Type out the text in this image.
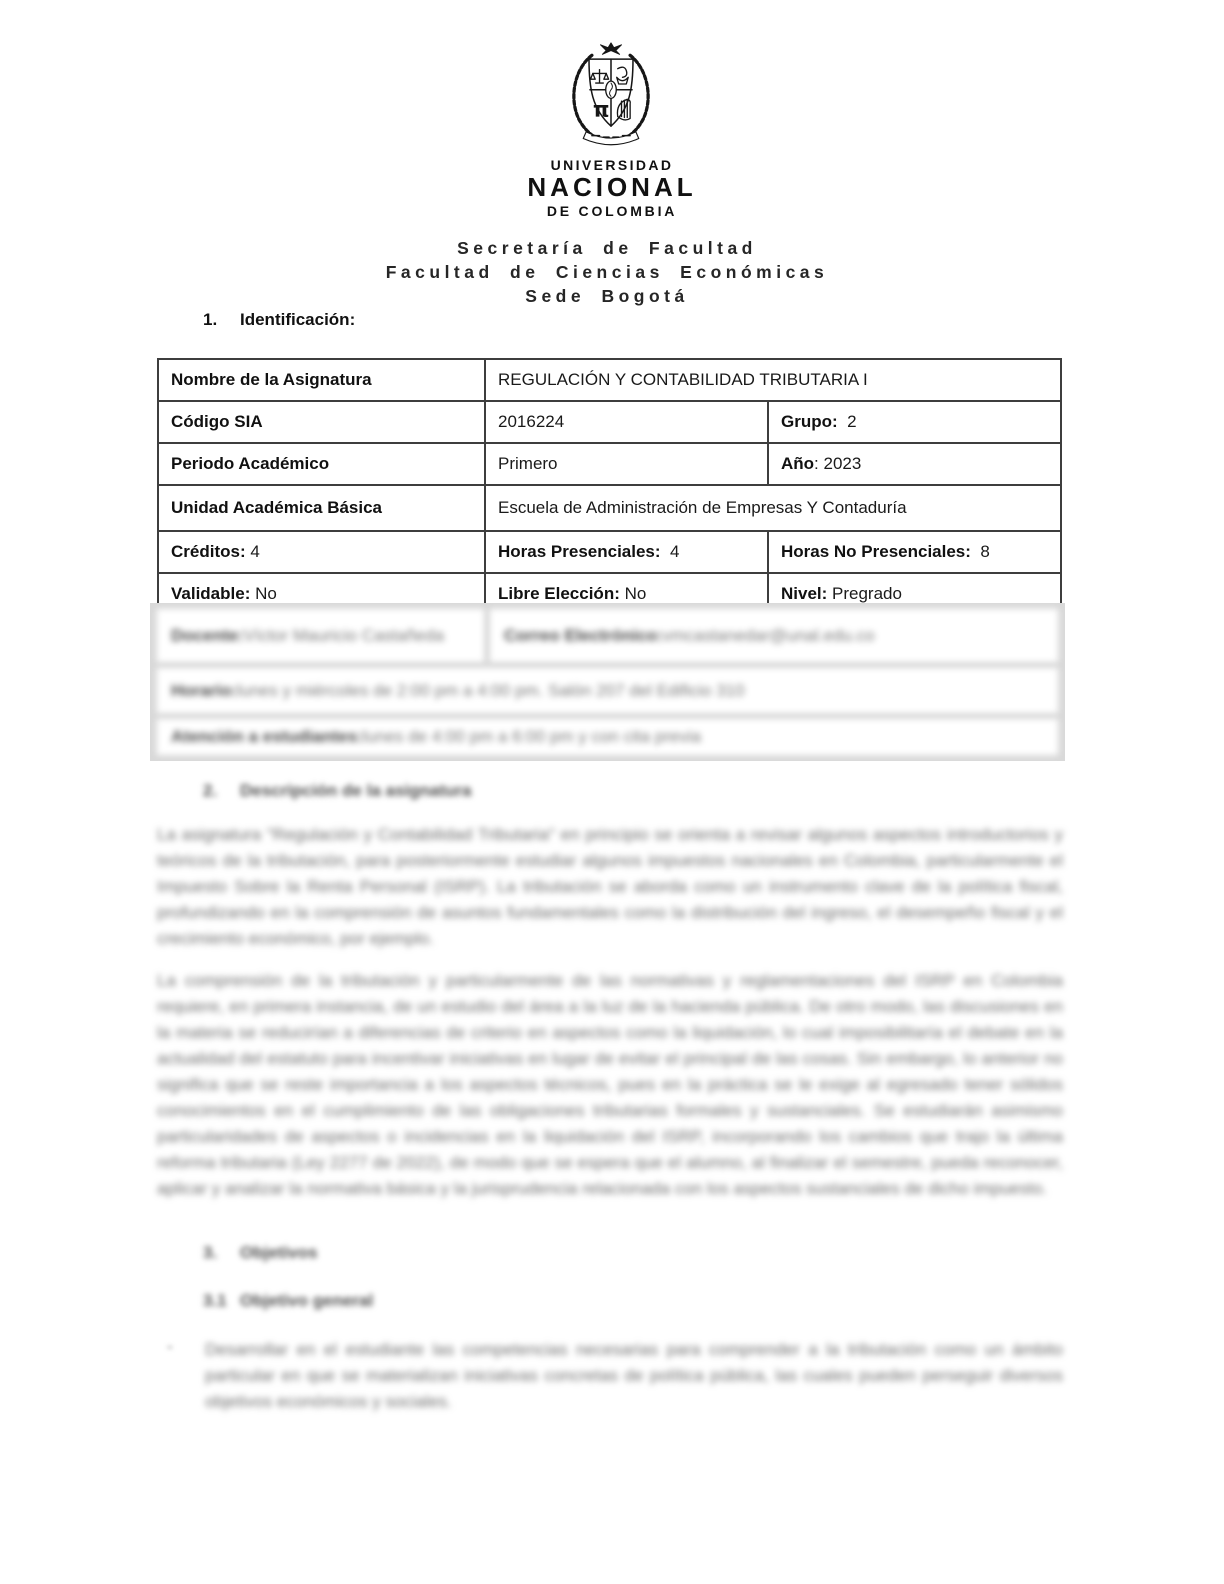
π
UNIVERSIDAD
NACIONAL
DE COLOMBIA
Secretaría de Facultad
Facultad de Ciencias Económicas
Sede Bogotá
1.	Identificación:
Nombre de la Asignatura	REGULACIÓN Y CONTABILIDAD TRIBUTARIA I	
Código SIA	2016224	Grupo:  2
Periodo Académico	Primero	Año: 2023
Unidad Académica Básica	Escuela de Administración de Empresas Y Contaduría	
Créditos: 4	Horas Presenciales:  4	Horas No Presenciales:  8
Validable: No	Libre Elección: No	Nivel: Pregrado
Docente: Víctor Mauricio Castañeda	Correo Electrónico: vmcastanedar@unal.edu.co
Horario: lunes y miércoles de 2:00 pm a 4:00 pm. Salón 207 del Edificio 310
Atención a estudiantes: lunes de 4:00 pm a 6:00 pm y con cita previa
2.	Descripción de la asignatura
La asignatura "Regulación y Contabilidad Tributaria" en principio se orienta a revisar algunos aspectos introductorios y teóricos de la tributación, para posteriormente estudiar algunos impuestos nacionales en Colombia, particularmente el Impuesto Sobre la Renta Personal (ISRP). La tributación se aborda como un instrumento clave de la política fiscal, profundizando en la comprensión de asuntos fundamentales como la distribución del ingreso, el desempeño fiscal y el crecimiento económico, por ejemplo.
La comprensión de la tributación y particularmente de las normativas y reglamentaciones del ISRP en Colombia requiere, en primera instancia, de un estudio del área a la luz de la hacienda pública. De otro modo, las discusiones en la materia se reducirían a diferencias de criterio en aspectos como la liquidación, lo cual imposibilitaría el debate en la actualidad del estatuto para incentivar iniciativas en lugar de evitar el principal de las cosas. Sin embargo, lo anterior no significa que se reste importancia a los aspectos técnicos, pues en la práctica se le exige al egresado tener sólidos conocimientos en el cumplimiento de las obligaciones tributarias formales y sustanciales. Se estudiarán asimismo particularidades de aspectos o incidencias en la liquidación del ISRP, incorporando los cambios que trajo la última reforma tributaria (Ley 2277 de 2022), de modo que se espera que el alumno, al finalizar el semestre, pueda reconocer, aplicar y analizar la normativa básica y la jurisprudencia relacionada con los aspectos sustanciales de dicho impuesto.
3.	Objetivos
3.1 Objetivo general
- Desarrollar en el estudiante las competencias necesarias para comprender a la tributación como un ámbito particular en que se materializan iniciativas concretas de política pública, las cuales pueden perseguir diversos objetivos económicos y sociales.
